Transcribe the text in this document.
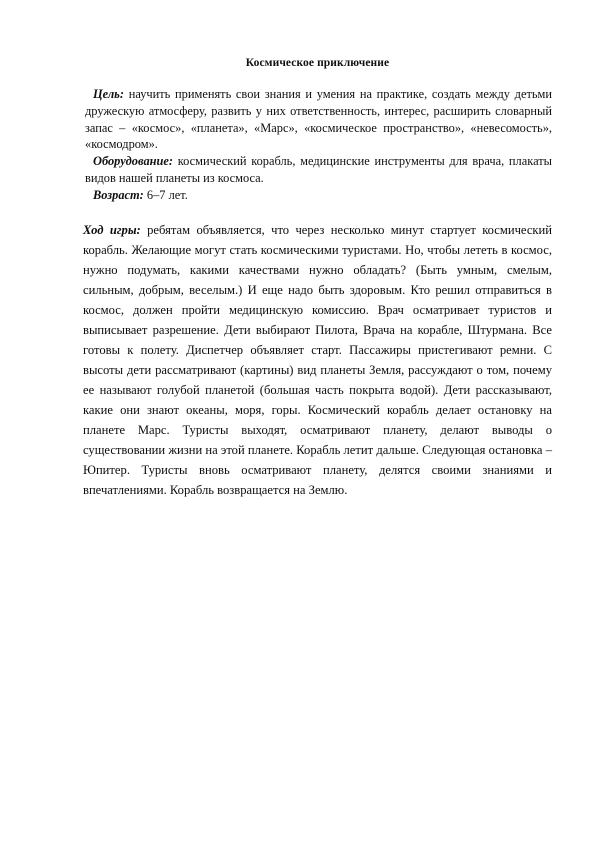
Космическое приключение

Цель: научить применять свои знания и умения на практике, создать между детьми дружескую атмосферу, развить у них ответственность, интерес, расширить словарный запас – «космос», «планета», «Марс», «космическое пространство», «невесомость», «космодром».

Оборудование: космический корабль, медицинские инструменты для врача, плакаты видов нашей планеты из космоса.

Возраст: 6–7 лет.

Ход игры: ребятам объявляется, что через несколько минут стартует космический корабль. Желающие могут стать космическими туристами. Но, чтобы лететь в космос, нужно подумать, какими качествами нужно обладать? (Быть умным, смелым, сильным, добрым, веселым.) И еще надо быть здоровым. Кто решил отправиться в космос, должен пройти медицинскую комиссию. Врач осматривает туристов и выписывает разрешение. Дети выбирают Пилота, Врача на корабле, Штурмана. Все готовы к полету. Диспетчер объявляет старт. Пассажиры пристегивают ремни. С высоты дети рассматривают (картины) вид планеты Земля, рассуждают о том, почему ее называют голубой планетой (большая часть покрыта водой). Дети рассказывают, какие они знают океаны, моря, горы. Космический корабль делает остановку на планете Марс. Туристы выходят, осматривают планету, делают выводы о существовании жизни на этой планете. Корабль летит дальше. Следующая остановка – Юпитер. Туристы вновь осматривают планету, делятся своими знаниями и впечатлениями. Корабль возвращается на Землю.
